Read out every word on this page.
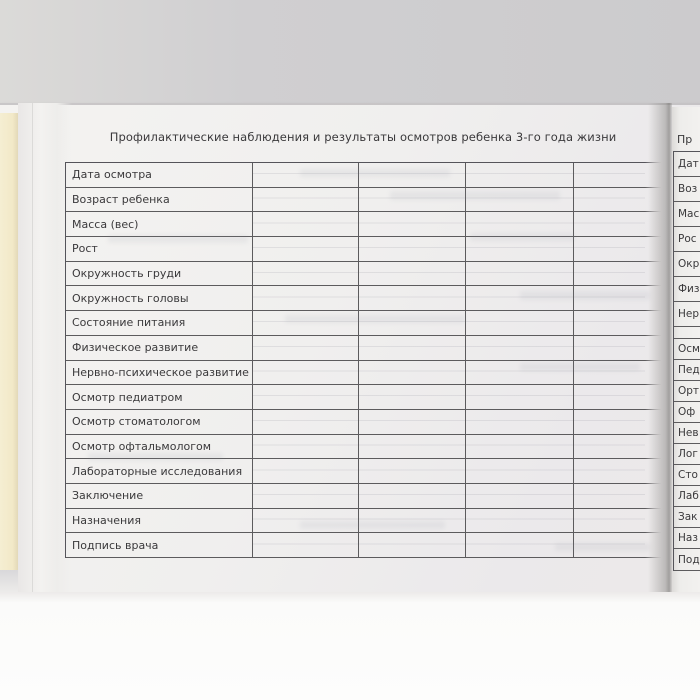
Профилактические наблюдения и результаты осмотров ребенка 3-го года жизни
Дата осмотра
Возраст ребенка
Масса (вес)
Рост
Окружность груди
Окружность головы
Состояние питания
Физическое развитие
Нервно-психическое развитие
Осмотр педиатром
Осмотр стоматологом
Осмотр офтальмологом
Лабораторные исследования
Заключение
Назначения
Подпись врача
Пр
Дат
Воз
Мас
Рос
Окр
Физ
Нер
Осм
Пед
Орт
Оф
Нев
Лог
Сто
Лаб
Зак
Наз
Под
